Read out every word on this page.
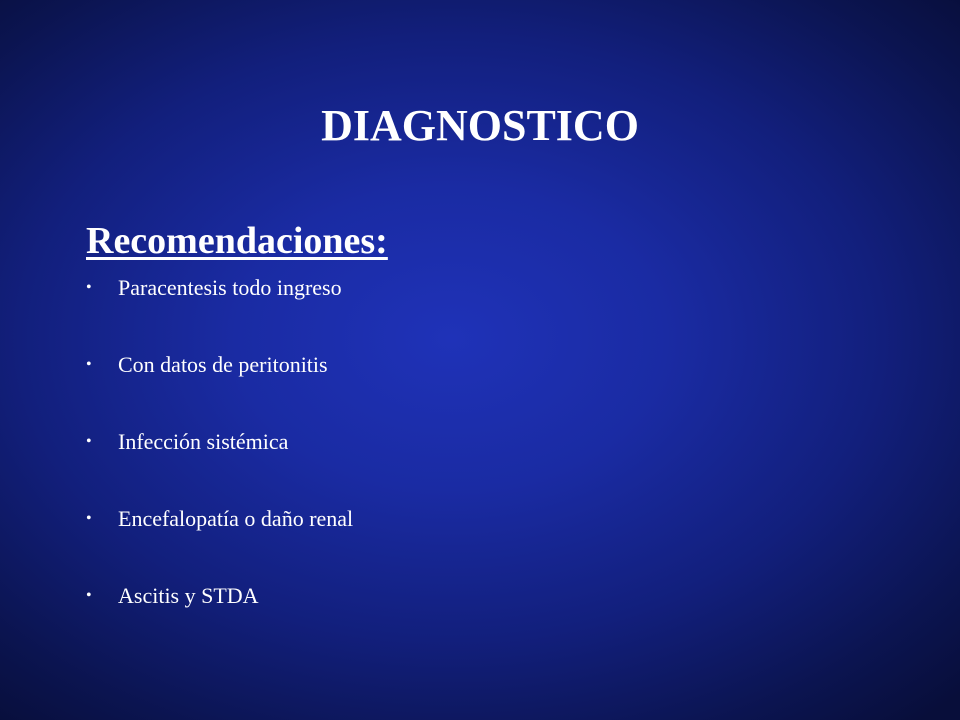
DIAGNOSTICO
Recomendaciones:
• Paracentesis todo ingreso
• Con datos de peritonitis
• Infección sistémica
• Encefalopatía o daño renal
• Ascitis y STDA
